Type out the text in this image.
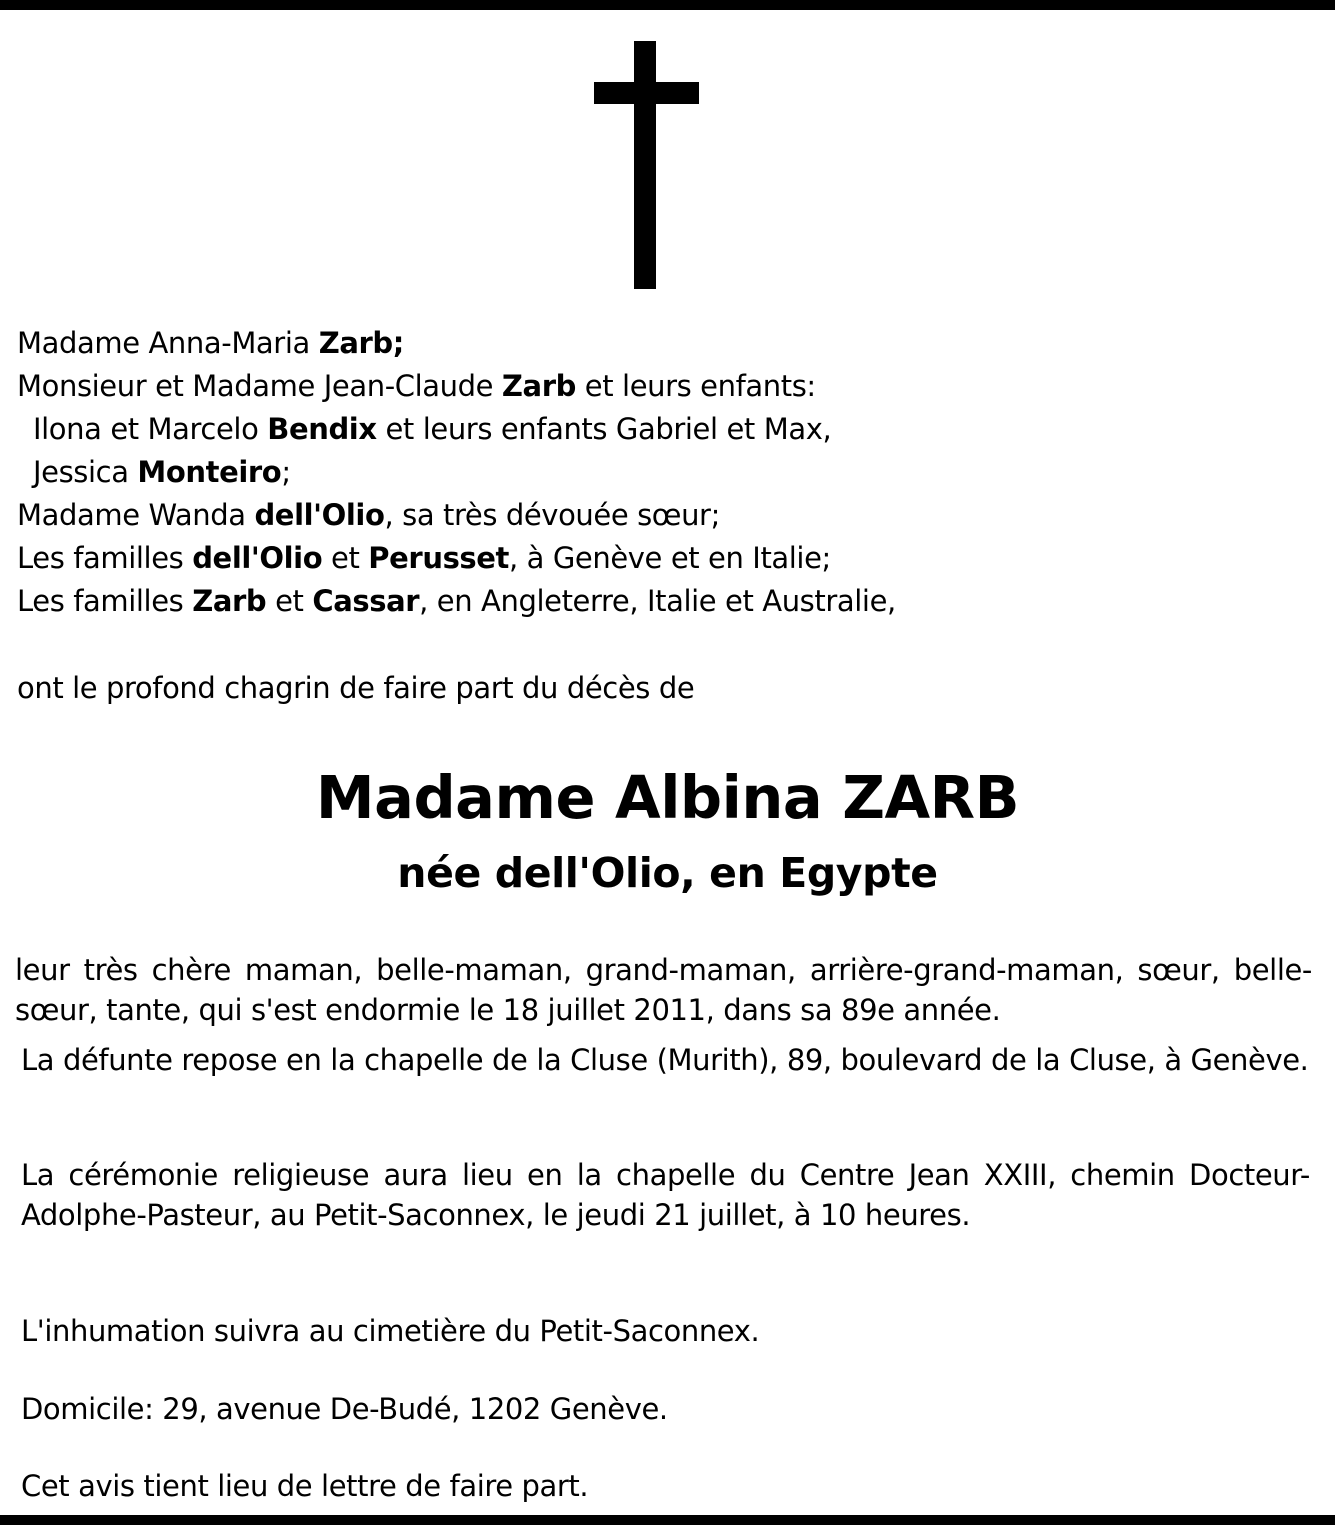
Madame Anna-Maria Zarb;

Monsieur et Madame Jean-Claude Zarb et leurs enfants:

Ilona et Marcelo Bendix et leurs enfants Gabriel et Max,

Jessica Monteiro;

Madame Wanda dell'Olio, sa très dévouée sœur;

Les familles dell'Olio et Perusset, à Genève et en Italie;

Les familles Zarb et Cassar, en Angleterre, Italie et Australie,

ont le profond chagrin de faire part du décès de

Madame Albina ZARB
née dell'Olio, en Egypte

leur très chère maman, belle-maman, grand-maman, arrière-grand-maman, sœur, belle-sœur, tante, qui s'est endormie le 18 juillet 2011, dans sa 89e année.

La défunte repose en la chapelle de la Cluse (Murith), 89, boulevard de la Cluse, à Genève.

La cérémonie religieuse aura lieu en la chapelle du Centre Jean XXIII, chemin Docteur-Adolphe-Pasteur, au Petit-Saconnex, le jeudi 21 juillet, à 10 heures.

L'inhumation suivra au cimetière du Petit-Saconnex.

Domicile: 29, avenue De-Budé, 1202 Genève.

Cet avis tient lieu de lettre de faire part.
